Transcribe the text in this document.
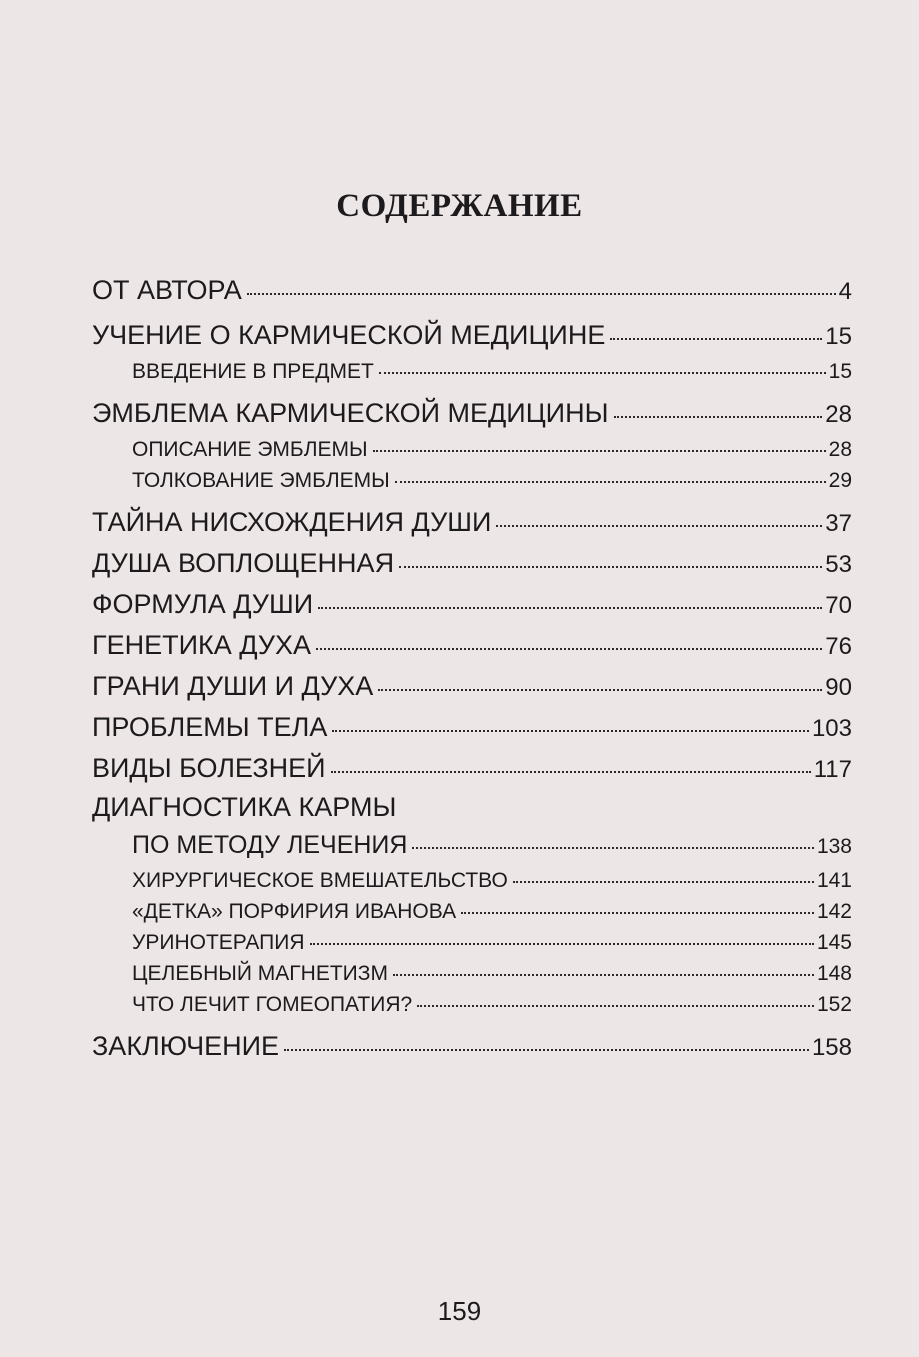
СОДЕРЖАНИЕ
ОТ АВТОРА	4
УЧЕНИЕ О КАРМИЧЕСКОЙ МЕДИЦИНЕ	15
ВВЕДЕНИЕ В ПРЕДМЕТ	15
ЭМБЛЕМА КАРМИЧЕСКОЙ МЕДИЦИНЫ	28
ОПИСАНИЕ ЭМБЛЕМЫ	28
ТОЛКОВАНИЕ ЭМБЛЕМЫ	29
ТАЙНА НИСХОЖДЕНИЯ ДУШИ	37
ДУША ВОПЛОЩЕННАЯ	53
ФОРМУЛА ДУШИ	70
ГЕНЕТИКА ДУХА	76
ГРАНИ ДУШИ И ДУХА	90
ПРОБЛЕМЫ ТЕЛА	103
ВИДЫ БОЛЕЗНЕЙ	117
ДИАГНОСТИКА КАРМЫ
ПО МЕТОДУ ЛЕЧЕНИЯ	138
ХИРУРГИЧЕСКОЕ ВМЕШАТЕЛЬСТВО	141
«ДЕТКА» ПОРФИРИЯ ИВАНОВА	142
УРИНОТЕРАПИЯ	145
ЦЕЛЕБНЫЙ МАГНЕТИЗМ	148
ЧТО ЛЕЧИТ ГОМЕОПАТИЯ?	152
ЗАКЛЮЧЕНИЕ	158
159
